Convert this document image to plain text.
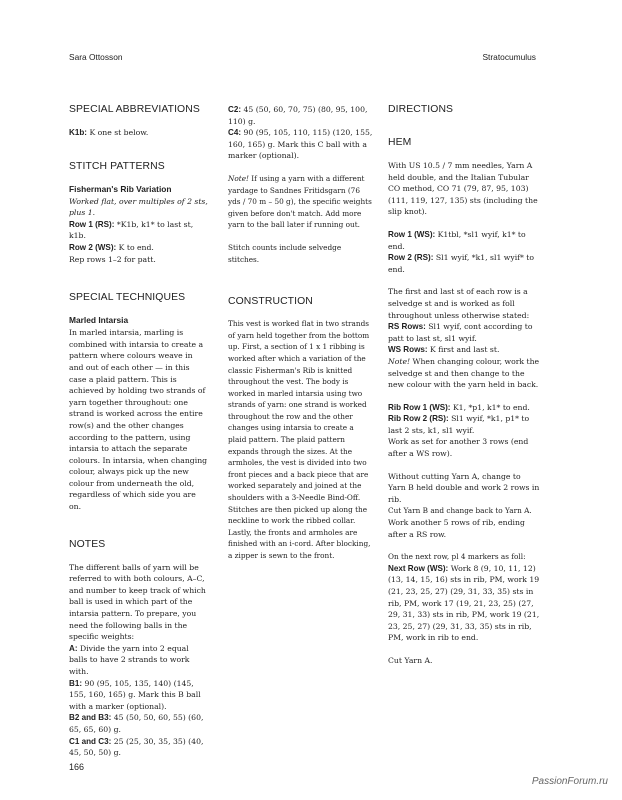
Sara Ottosson	Stratocumulus
SPECIAL ABBREVIATIONS

K1b: K one st below.

STITCH PATTERNS
Fisherman's Rib Variation

Worked flat, over multiples of 2 sts, plus 1.

Row 1 (RS): *K1b, k1* to last st, k1b.

Row 2 (WS): K to end.

Rep rows 1–2 for patt.

SPECIAL TECHNIQUES
Marled Intarsia

In marled intarsia, marling is combined with intarsia to create a pattern where colours weave in and out of each other — in this case a plaid pattern. This is achieved by holding two strands of yarn together throughout: one strand is worked across the entire row(s) and the other changes according to the pattern, using intarsia to attach the separate colours. In intarsia, when changing colour, always pick up the new colour from underneath the old, regardless of which side you are on.

NOTES

The different balls of yarn will be referred to with both colours, A–C, and number to keep track of which ball is used in which part of the intarsia pattern. To prepare, you need the following balls in the specific weights:

A: Divide the yarn into 2 equal balls to have 2 strands to work with.

B1: 90 (95, 105, 135, 140) (145, 155, 160, 165) g. Mark this B ball with a marker (optional).

B2 and B3: 45 (50, 50, 60, 55) (60, 65, 65, 60) g.

C1 and C3: 25 (25, 30, 35, 35) (40, 45, 50, 50) g.

C2: 45 (50, 60, 70, 75) (80, 95, 100, 110) g.

C4: 90 (95, 105, 110, 115) (120, 155, 160, 165) g. Mark this C ball with a marker (optional).

Note! If using a yarn with a different yardage to Sandnes Fritidsgarn (76 yds / 70 m – 50 g), the specific weights given before don't match. Add more yarn to the ball later if running out.

Stitch counts include selvedge stitches.

CONSTRUCTION

This vest is worked flat in two strands of yarn held together from the bottom up. First, a section of 1 x 1 ribbing is worked after which a variation of the classic Fisherman's Rib is knitted throughout the vest. The body is worked in marled intarsia using two strands of yarn: one strand is worked throughout the row and the other changes using intarsia to create a plaid pattern. The plaid pattern expands through the sizes. At the armholes, the vest is divided into two front pieces and a back piece that are worked separately and joined at the shoulders with a 3-Needle Bind-Off. Stitches are then picked up along the neckline to work the ribbed collar. Lastly, the fronts and armholes are finished with an i-cord. After blocking, a zipper is sewn to the front.

DIRECTIONS
HEM

With US 10.5 / 7 mm needles, Yarn A held double, and the Italian Tubular CO method, CO 71 (79, 87, 95, 103) (111, 119, 127, 135) sts (including the slip knot).

Row 1 (WS): K1tbl, *sl1 wyif, k1* to end.

Row 2 (RS): Sl1 wyif, *k1, sl1 wyif* to end.

The first and last st of each row is a selvedge st and is worked as foll throughout unless otherwise stated:

RS Rows: Sl1 wyif, cont according to patt to last st, sl1 wyif.

WS Rows: K first and last st.

Note! When changing colour, work the selvedge st and then change to the new colour with the yarn held in back.

Rib Row 1 (WS): K1, *p1, k1* to end.

Rib Row 2 (RS): Sl1 wyif, *k1, p1* to last 2 sts, k1, sl1 wyif.

Work as set for another 3 rows (end after a WS row).

Without cutting Yarn A, change to Yarn B held double and work 2 rows in rib.

Cut Yarn B and change back to Yarn A.

Work another 5 rows of rib, ending after a RS row.

On the next row, pl 4 markers as foll:

Next Row (WS): Work 8 (9, 10, 11, 12) (13, 14, 15, 16) sts in rib, PM, work 19 (21, 23, 25, 27) (29, 31, 33, 35) sts in rib, PM, work 17 (19, 21, 23, 25) (27, 29, 31, 33) sts in rib, PM, work 19 (21, 23, 25, 27) (29, 31, 33, 35) sts in rib, PM, work in rib to end.

Cut Yarn A.

166
PassionForum.ru
